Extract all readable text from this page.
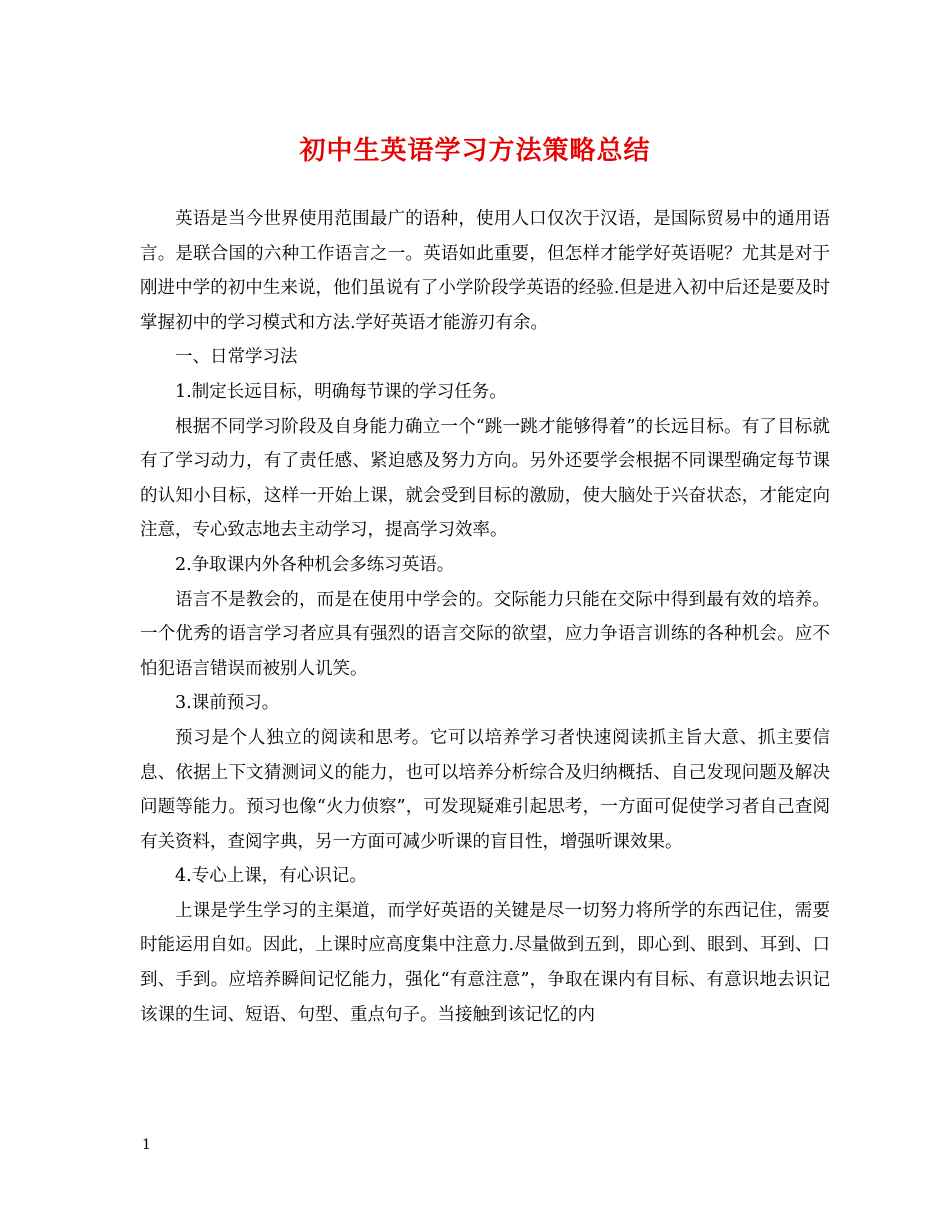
初中生英语学习方法策略总结

英语是当今世界使用范围最广的语种，使用人口仅次于汉语，是国际贸易中的通用语言。是联合国的六种工作语言之一。英语如此重要，但怎样才能学好英语呢？尤其是对于刚进中学的初中生来说，他们虽说有了小学阶段学英语的经验.但是进入初中后还是要及时掌握初中的学习模式和方法.学好英语才能游刃有余。

一、日常学习法

1.制定长远目标，明确每节课的学习任务。

根据不同学习阶段及自身能力确立一个“跳一跳才能够得着”的长远目标。有了目标就有了学习动力，有了责任感、紧迫感及努力方向。另外还要学会根据不同课型确定每节课的认知小目标，这样一开始上课，就会受到目标的激励，使大脑处于兴奋状态，才能定向注意，专心致志地去主动学习，提高学习效率。

2.争取课内外各种机会多练习英语。

语言不是教会的，而是在使用中学会的。交际能力只能在交际中得到最有效的培养。一个优秀的语言学习者应具有强烈的语言交际的欲望，应力争语言训练的各种机会。应不怕犯语言错误而被别人讥笑。

3.课前预习。

预习是个人独立的阅读和思考。它可以培养学习者快速阅读抓主旨大意、抓主要信息、依据上下文猜测词义的能力，也可以培养分析综合及归纳概括、自己发现问题及解决问题等能力。预习也像“火力侦察”，可发现疑难引起思考，一方面可促使学习者自己查阅有关资料，查阅字典，另一方面可减少听课的盲目性，增强听课效果。

4.专心上课，有心识记。

上课是学生学习的主渠道，而学好英语的关键是尽一切努力将所学的东西记住，需要时能运用自如。因此，上课时应高度集中注意力.尽量做到五到，即心到、眼到、耳到、口到、手到。应培养瞬间记忆能力，强化“有意注意”，争取在课内有目标、有意识地去识记该课的生词、短语、句型、重点句子。当接触到该记忆的内

1
